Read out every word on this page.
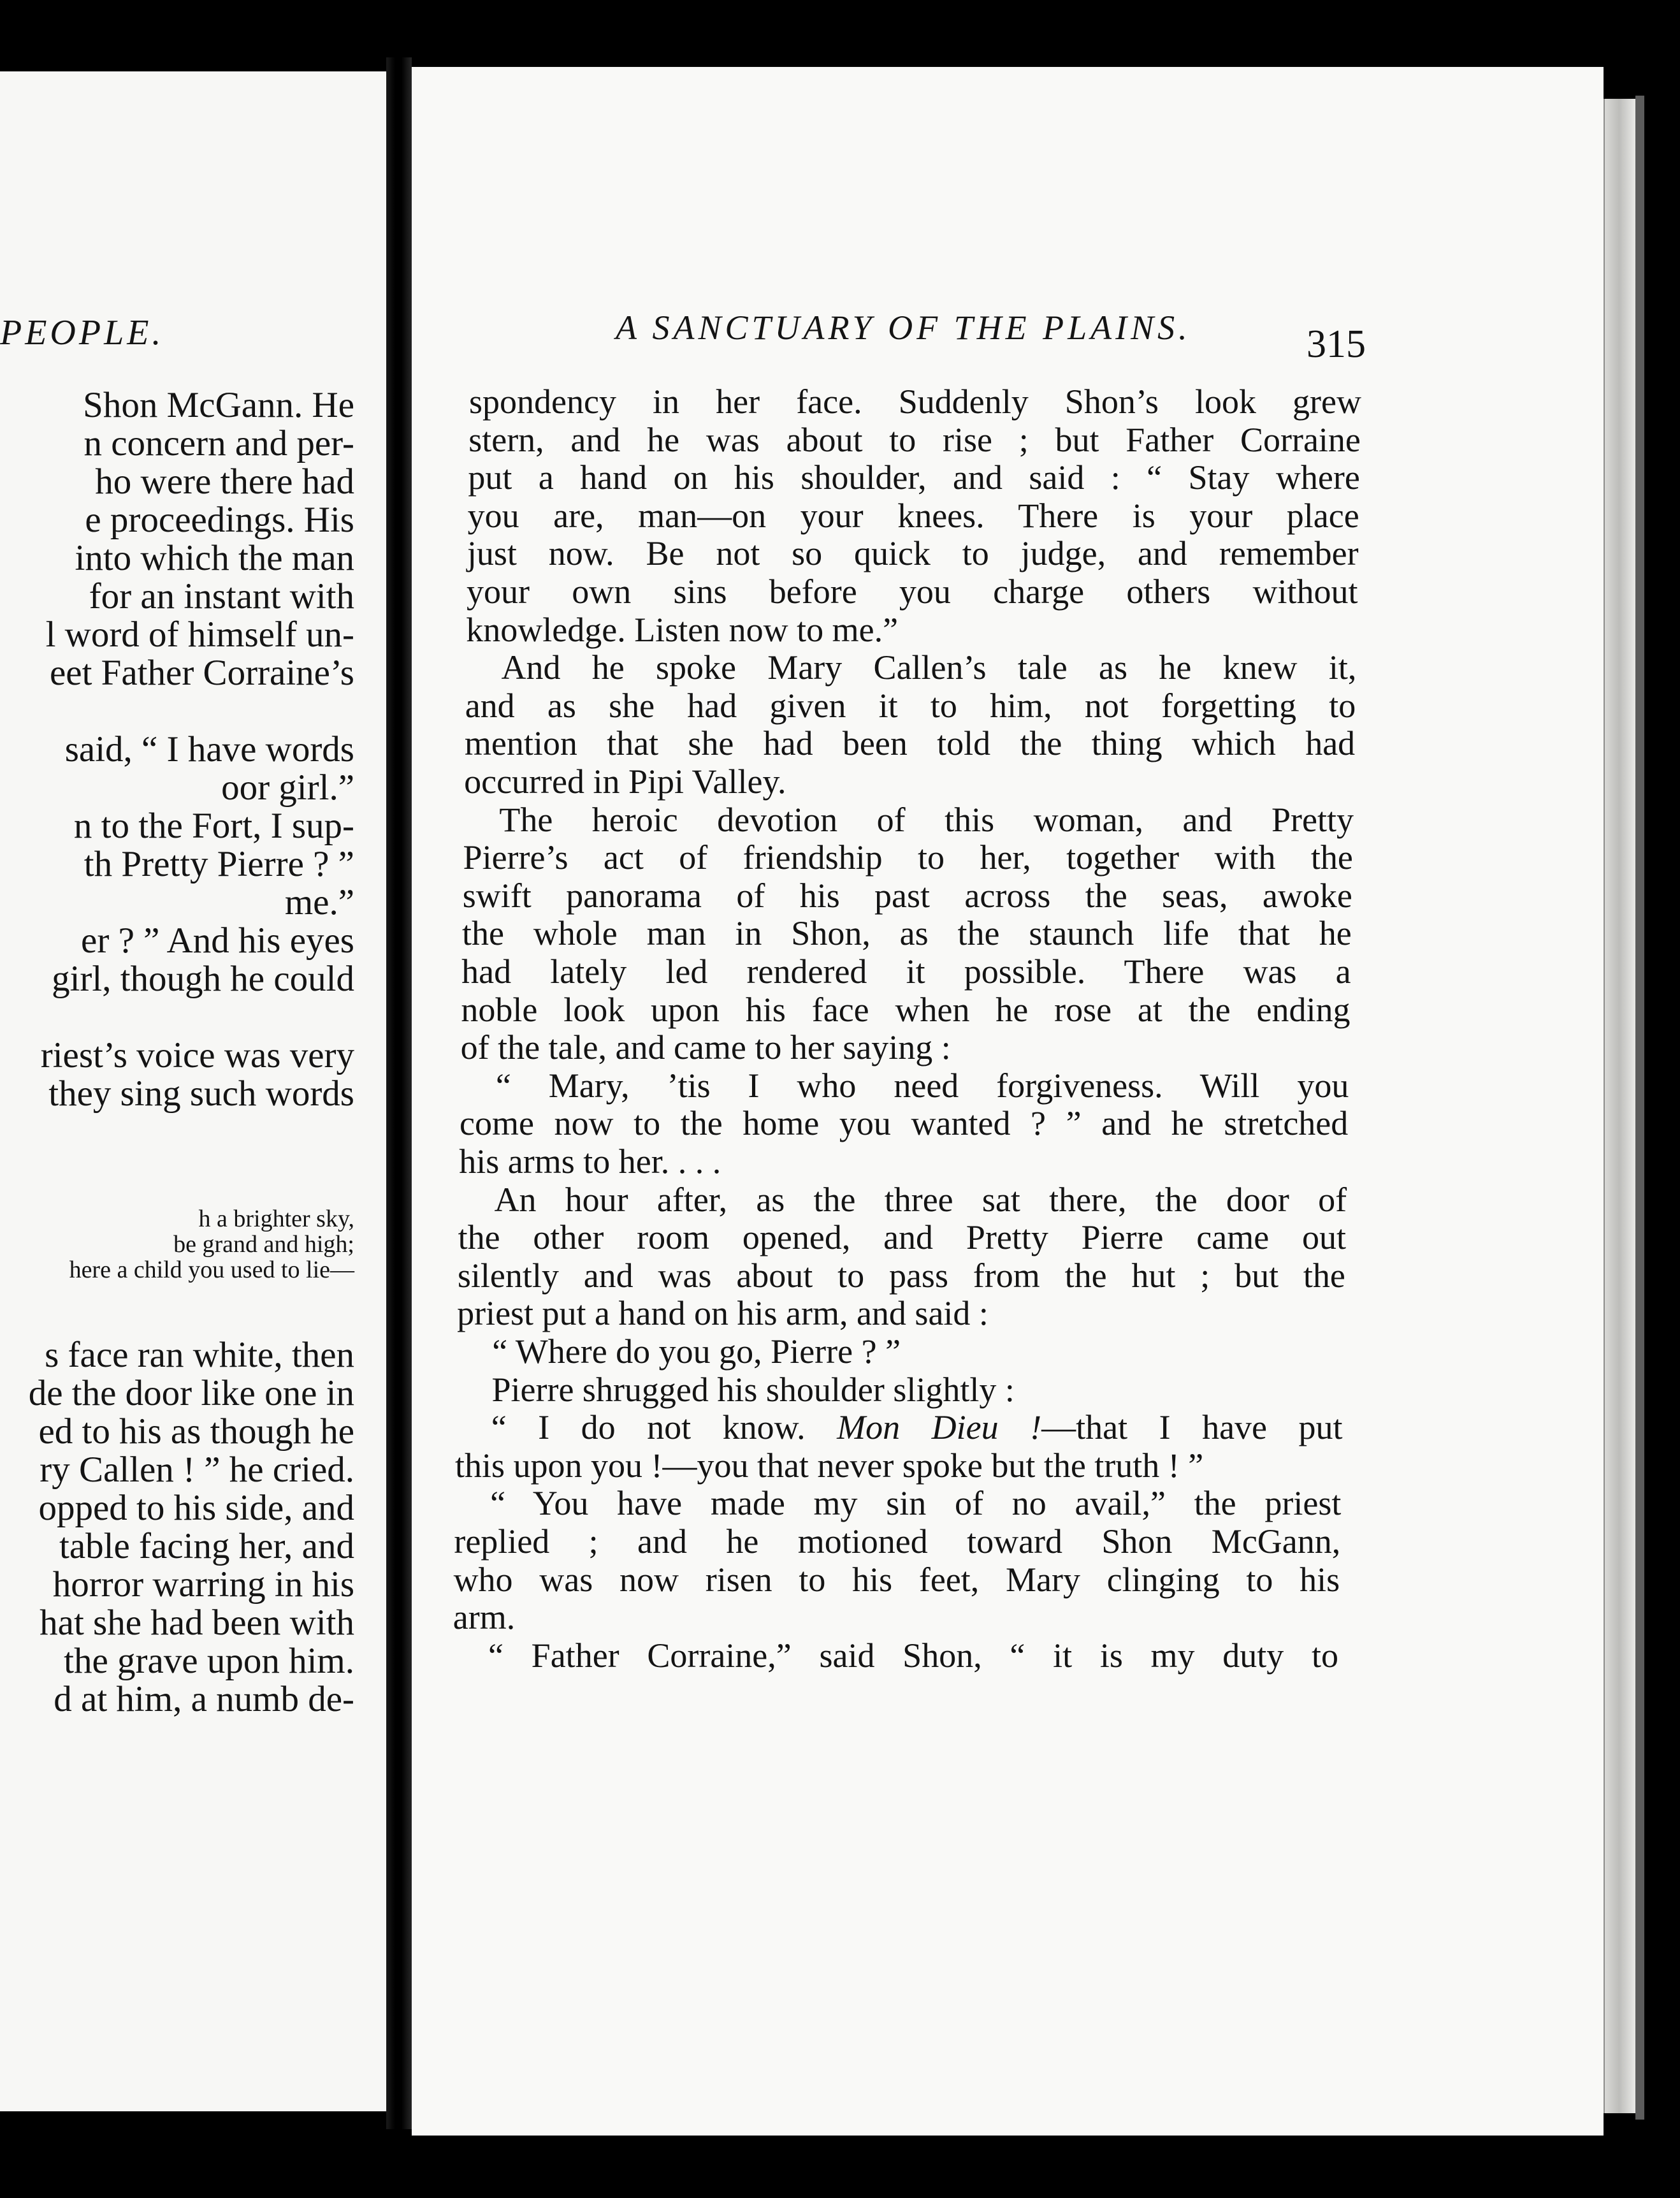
PEOPLE.
Shon McGann. He
n concern and per-
ho were there had
e proceedings. His
into which the man
for an instant with
l word of himself un-
eet Father Corraine’s
said, “ I have words
oor girl.”
n to the Fort, I sup-
th Pretty Pierre ? ”
me.”
er ? ” And his eyes
girl, though he could
riest’s voice was very
they sing such words
h a brighter sky,
be grand and high;
here a child you used to lie—
s face ran white, then
de the door like one in
ed to his as though he
ry Callen ! ” he cried.
opped to his side, and
table facing her, and
horror warring in his
hat she had been with
the grave upon him.
d at him, a numb de-
A SANCTUARY OF THE PLAINS.	315
spondency in her face. Suddenly Shon’s look grew
stern, and he was about to rise ; but Father Corraine
put a hand on his shoulder, and said : “ Stay where
you are, man—on your knees. There is your place
just now. Be not so quick to judge, and remember
your own sins before you charge others without
knowledge. Listen now to me.”
And he spoke Mary Callen’s tale as he knew it,
and as she had given it to him, not forgetting to
mention that she had been told the thing which had
occurred in Pipi Valley.
The heroic devotion of this woman, and Pretty
Pierre’s act of friendship to her, together with the
swift panorama of his past across the seas, awoke
the whole man in Shon, as the staunch life that he
had lately led rendered it possible. There was a
noble look upon his face when he rose at the ending
of the tale, and came to her saying :
“ Mary, ’tis I who need forgiveness. Will you
come now to the home you wanted ? ” and he stretched
his arms to her. . . .
An hour after, as the three sat there, the door of
the other room opened, and Pretty Pierre came out
silently and was about to pass from the hut ; but the
priest put a hand on his arm, and said :
“ Where do you go, Pierre ? ”
Pierre shrugged his shoulder slightly :
“ I do not know. Mon Dieu !—that I have put
this upon you !—you that never spoke but the truth ! ”
“ You have made my sin of no avail,” the priest
replied ; and he motioned toward Shon McGann,
who was now risen to his feet, Mary clinging to his
arm.
“ Father Corraine,” said Shon, “ it is my duty to
